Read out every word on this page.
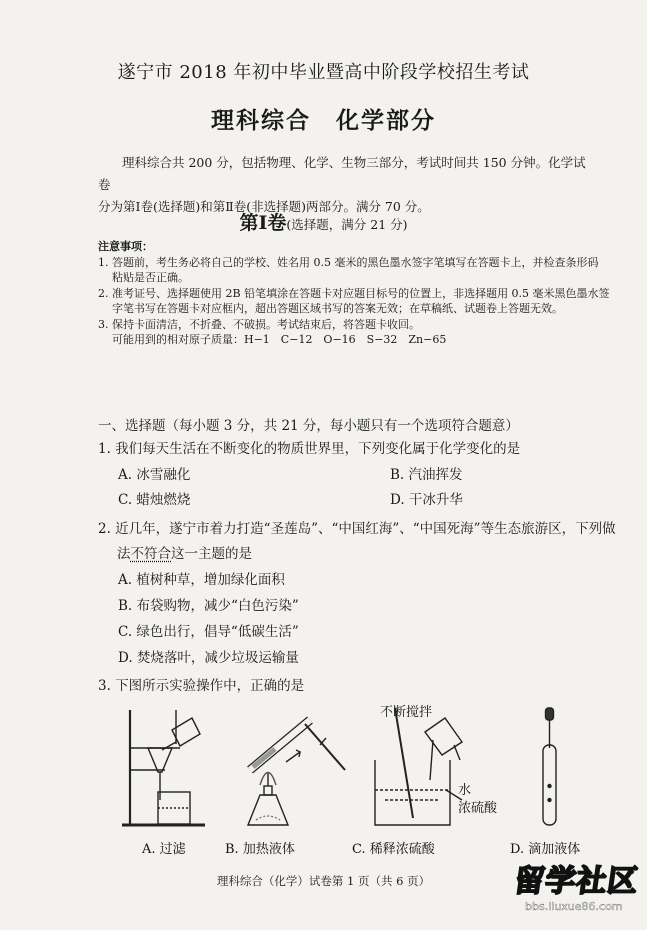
遂宁市 2018 年初中毕业暨高中阶段学校招生考试
理科综合　化学部分
理科综合共 200 分，包括物理、化学、生物三部分，考试时间共 150 分钟。化学试卷
分为第Ⅰ卷(选择题)和第Ⅱ卷(非选择题)两部分。满分 70 分。
第Ⅰ卷(选择题，满分 21 分)
注意事项：
1. 答题前，考生务必将自己的学校、姓名用 0.5 毫米的黑色墨水签字笔填写在答题卡上，并检查条形码
粘贴是否正确。
2. 准考证号、选择题使用 2B 铅笔填涂在答题卡对应题目标号的位置上，非选择题用 0.5 毫米黑色墨水签
字笔书写在答题卡对应框内，超出答题区域书写的答案无效；在草稿纸、试题卷上答题无效。
3. 保持卡面清洁，不折叠、不破损。考试结束后，将答题卡收回。
可能用到的相对原子质量：H−1　C−12　O−16　S−32　Zn−65
一、选择题（每小题 3 分，共 21 分，每小题只有一个选项符合题意）
1. 我们每天生活在不断变化的物质世界里，下列变化属于化学变化的是
A. 冰雪融化	B. 汽油挥发
C. 蜡烛燃烧	D. 干冰升华
2. 近几年，遂宁市着力打造“圣莲岛”、“中国红海”、“中国死海”等生态旅游区，下列做
法不符合这一主题的是
A. 植树种草，增加绿化面积
B. 布袋购物，减少“白色污染”
C. 绿色出行，倡导“低碳生活”
D. 焚烧落叶，减少垃圾运输量
3. 下图所示实验操作中，正确的是
不断搅拌
水
浓硫酸
A. 过滤	B. 加热液体	C. 稀释浓硫酸	D. 滴加液体
理科综合（化学）试卷第 1 页（共 6 页）	留学社区
bbs.liuxue86.com
